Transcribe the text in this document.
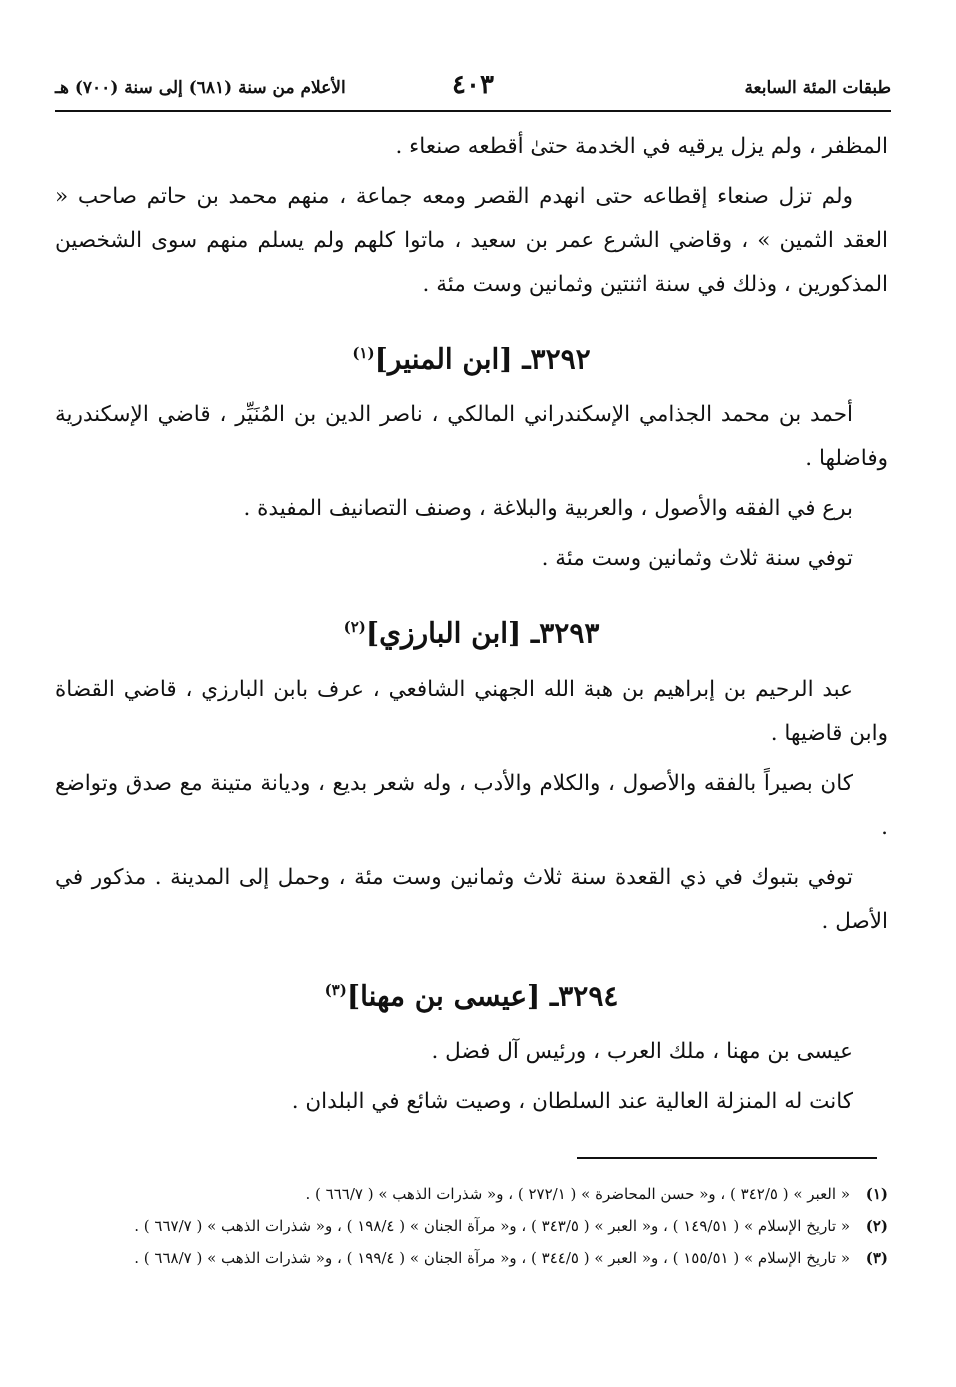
طبقات المئة السابعة
٤٠٣
الأعلام من سنة (٦٨١) إلى سنة (٧٠٠) هـ

المظفر ، ولم يزل يرقيه في الخدمة حتىٰ أقطعه صنعاء .

ولم تزل صنعاء إقطاعه حتى انهدم القصر ومعه جماعة ، منهم محمد بن حاتم صاحب « العقد الثمين » ، وقاضي الشرع عمر بن سعيد ، ماتوا كلهم ولم يسلم منهم سوى الشخصين المذكورين ، وذلك في سنة اثنتين وثمانين وست مئة .

٣٢٩٢ـ [ابن المنير]$^{(١)}$

أحمد بن محمد الجذامي الإسكندراني المالكي ، ناصر الدين بن المُنَيِّر ، قاضي الإسكندرية وفاضلها .

برع في الفقه والأصول ، والعربية والبلاغة ، وصنف التصانيف المفيدة .

توفي سنة ثلاث وثمانين وست مئة .

٣٢٩٣ـ [ابن البارزي]$^{(٢)}$

عبد الرحيم بن إبراهيم بن هبة الله الجهني الشافعي ، عرف بابن البارزي ، قاضي القضاة وابن قاضيها .

كان بصيراً بالفقه والأصول ، والكلام والأدب ، وله شعر بديع ، وديانة متينة مع صدق وتواضع .

توفي بتبوك في ذي القعدة سنة ثلاث وثمانين وست مئة ، وحمل إلى المدينة . مذكور في الأصل .

٣٢٩٤ـ [عيسى بن مهنا]$^{(٣)}$

عيسى بن مهنا ، ملك العرب ، ورئيس آل فضل .

كانت له المنزلة العالية عند السلطان ، وصيت شائع في البلدان .

(١)
« العبر » ( ٣٤٢/٥ ) ، و« حسن المحاضرة » ( ٢٧٢/١ ) ، و« شذرات الذهب » ( ٦٦٦/٧ ) .
(٢)
« تاريخ الإسلام » ( ١٤٩/٥١ ) ، و« العبر » ( ٣٤٣/٥ ) ، و« مرآة الجنان » ( ١٩٨/٤ ) ، و« شذرات الذهب » ( ٦٦٧/٧ ) .
(٣)
« تاريخ الإسلام » ( ١٥٥/٥١ ) ، و« العبر » ( ٣٤٤/٥ ) ، و« مرآة الجنان » ( ١٩٩/٤ ) ، و« شذرات الذهب » ( ٦٦٨/٧ ) .
